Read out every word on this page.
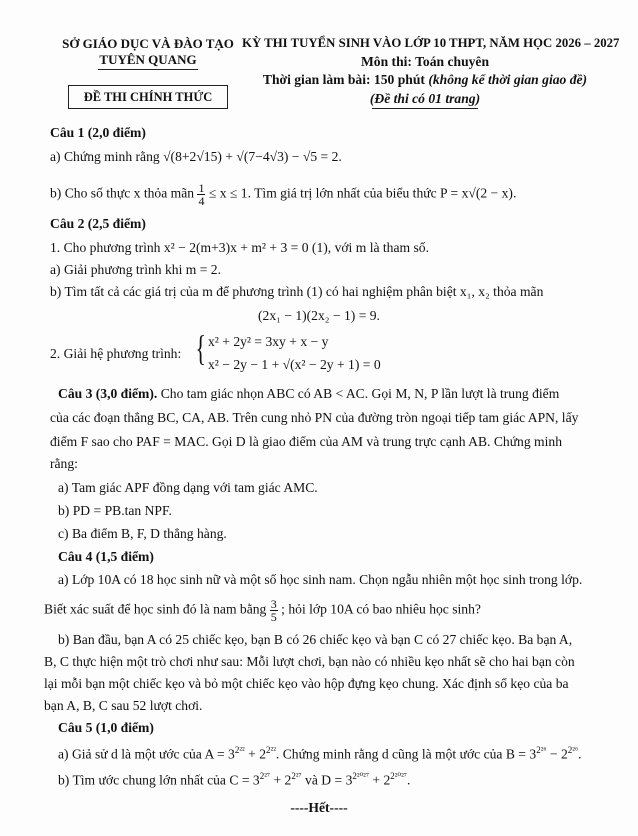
SỞ GIÁO DỤC VÀ ĐÀO TẠO
TUYÊN QUANG
ĐỀ THI CHÍNH THỨC
KỲ THI TUYỂN SINH VÀO LỚP 10 THPT, NĂM HỌC 2026 – 2027
Môn thi: Toán chuyên
Thời gian làm bài: 150 phút (không kể thời gian giao đề)
(Đề thi có 01 trang)
Câu 1 (2,0 điểm)
a) Chứng minh rằng √(8+2√15) + √(7−4√3) − √5 = 2.
b) Cho số thực x thỏa mãn $\frac{1}{4} \le x \le 1$. Tìm giá trị lớn nhất của biểu thức P = x√(2 − x).
Câu 2 (2,5 điểm)
1. Cho phương trình x² − 2(m+3)x + m² + 3 = 0 (1), với m là tham số.
a) Giải phương trình khi m = 2.
b) Tìm tất cả các giá trị của m để phương trình (1) có hai nghiệm phân biệt x₁, x₂ thỏa mãn
(2x₁ − 1)(2x₂ − 1) = 9.
2. Giải hệ phương trình: { x² + 2y² = 3xy + x − y
x² − 2y − 1 + √(x² − 2y + 1) = 0
Câu 3 (3,0 điểm). Cho tam giác nhọn ABC có AB < AC. Gọi M, N, P lần lượt là trung điểm
của các đoạn thẳng BC, CA, AB. Trên cung nhỏ PN của đường tròn ngoại tiếp tam giác APN, lấy
điểm F sao cho PAF = MAC. Gọi D là giao điểm của AM và trung trực cạnh AB. Chứng minh
rằng:
a) Tam giác APF đồng dạng với tam giác AMC.
b) PD = PB.tan NPF.
c) Ba điểm B, F, D thẳng hàng.
Câu 4 (1,5 điểm)
a) Lớp 10A có 18 học sinh nữ và một số học sinh nam. Chọn ngẫu nhiên một học sinh trong lớp.
Biết xác suất để học sinh đó là nam bằng $\frac{3}{5}$ ; hỏi lớp 10A có bao nhiêu học sinh?
b) Ban đầu, bạn A có 25 chiếc kẹo, bạn B có 26 chiếc kẹo và bạn C có 27 chiếc kẹo. Ba bạn A,
B, C thực hiện một trò chơi như sau: Mỗi lượt chơi, bạn nào có nhiều kẹo nhất sẽ cho hai bạn còn
lại mỗi bạn một chiếc kẹo và bỏ một chiếc kẹo vào hộp đựng kẹo chung. Xác định số kẹo của ba
bạn A, B, C sau 52 lượt chơi.
Câu 5 (1,0 điểm)
a) Giả sử d là một ước của $A = 3^{2^{22}} + 2^{2^{22}}$. Chứng minh rằng d cũng là một ước của $B = 3^{2^{26}} - 2^{2^{26}}$.
b) Tìm ước chung lớn nhất của $C = 3^{2^{27}} + 2^{2^{27}}$ và $D = 3^{2^{2027}} + 2^{2^{2027}}$.
----Hết----
